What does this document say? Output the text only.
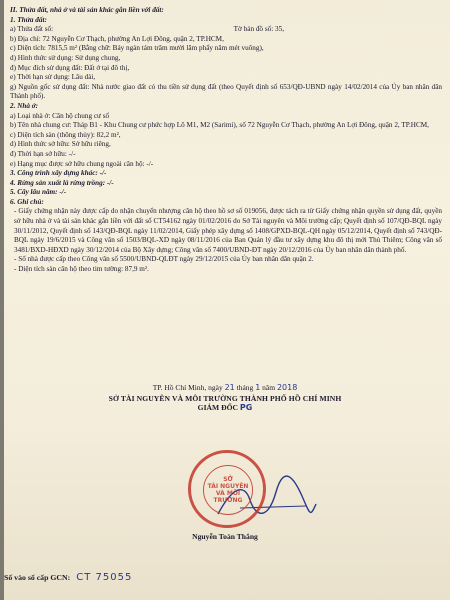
II. Thửa đất, nhà ở và tài sản khác gắn liền với đất:
1. Thửa đất:
a) Thửa đất số:	Tờ bản đồ số: 35,
b) Địa chỉ: 72 Nguyễn Cơ Thạch, phường An Lợi Đông, quận 2, TP.HCM,
c) Diện tích: 7815,5 m² (Bằng chữ: Bảy ngàn tám trăm mười lăm phẩy năm mét vuông),
d) Hình thức sử dụng: Sử dụng chung,
đ) Mục đích sử dụng đất: Đất ở tại đô thị,
e) Thời hạn sử dụng: Lâu dài,
g) Nguồn gốc sử dụng đất: Nhà nước giao đất có thu tiền sử dụng đất (theo Quyết định số 653/QĐ-UBND ngày 14/02/2014 của Ủy ban nhân dân Thành phố).
2. Nhà ở:
a) Loại nhà ở: Căn hộ chung cư số
b) Tên nhà chung cư: Tháp B1 - Khu Chung cư phức hợp Lô M1, M2 (Sarimi), số 72 Nguyễn Cơ Thạch, phường An Lợi Đông, quận 2, TP.HCM,
c) Diện tích sàn (thông thủy): 82,2 m²,
d) Hình thức sở hữu: Sở hữu riêng,
đ) Thời hạn sở hữu: -/-
e) Hạng mục được sở hữu chung ngoài căn hộ: -/-
3. Công trình xây dựng khác: -/-
4. Rừng sản xuất là rừng trồng: -/-
5. Cây lâu năm: -/-
6. Ghi chú:
- Giấy chứng nhận này được cấp do nhận chuyển nhượng căn hộ theo hồ sơ số 019056, được tách ra từ Giấy chứng nhận quyền sử dụng đất, quyền sở hữu nhà ở và tài sản khác gắn liền với đất số CT54162 ngày 01/02/2016 do Sở Tài nguyên và Môi trường cấp; Quyết định số 107/QĐ-BQL ngày 30/11/2012, Quyết định số 143/QĐ-BQL ngày 11/02/2014, Giấy phép xây dựng số 1408/GPXD-BQL-QH ngày 05/12/2014, Quyết định số 743/QĐ-BQL ngày 19/6/2015 và Công văn số 1503/BQL-XD ngày 08/11/2016 của Ban Quản lý đầu tư xây dựng khu đô thị mới Thủ Thiêm; Công văn số 3481/BXD-HĐXD ngày 30/12/2014 của Bộ Xây dựng; Công văn số 7400/UBND-ĐT ngày 20/12/2016 của Ủy ban nhân dân thành phố.
- Sổ nhà được cấp theo Công văn số 5500/UBND-QLĐT ngày 29/12/2015 của Ủy ban nhân dân quận 2.
- Diện tích sàn căn hộ theo tim tường: 87,9 m².
TP. Hồ Chí Minh, ngày 21 tháng 1 năm 2018
SỞ TÀI NGUYÊN VÀ MÔI TRƯỜNG THÀNH PHỐ HỒ CHÍ MINH
GIÁM ĐỐC PG
SỞ
TÀI NGUYÊN
VÀ MÔI TRƯỜNG
Nguyễn Toàn Thắng
Số vào sổ cấp GCN: CT 75055
